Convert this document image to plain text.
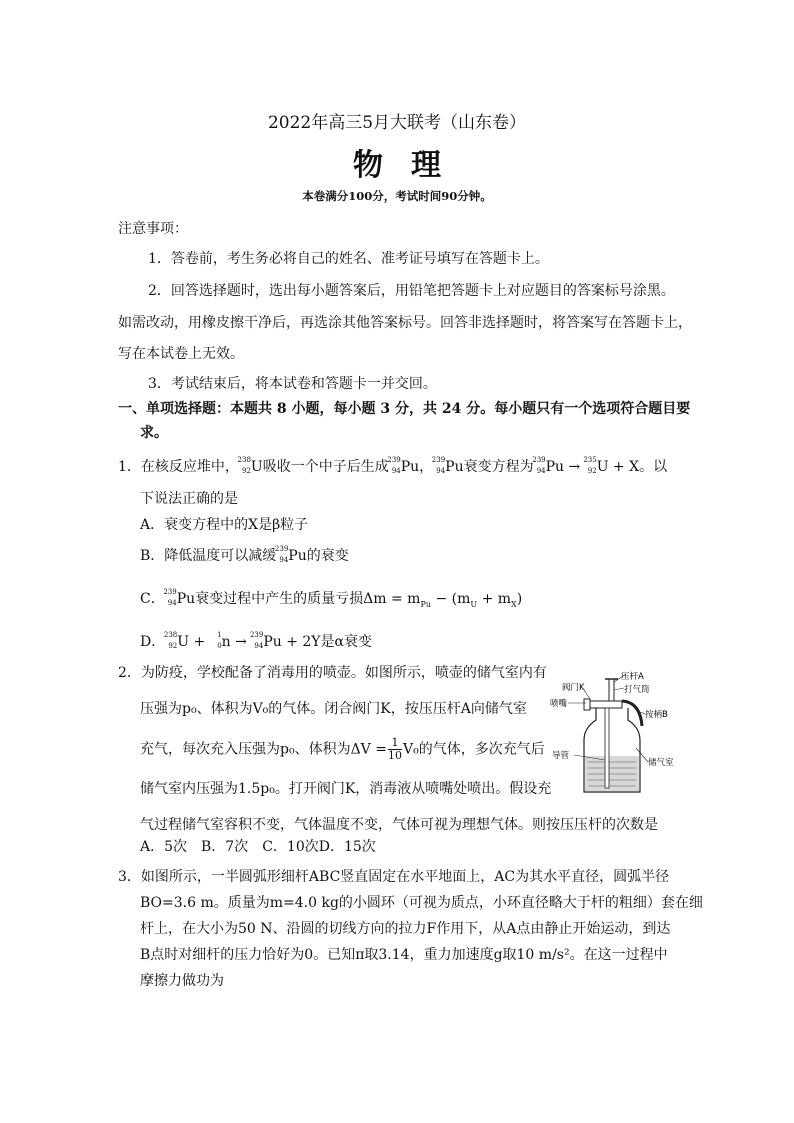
2022年高三5月大联考（山东卷）
物理
本卷满分100分，考试时间90分钟。
注意事项：
1．答卷前，考生务必将自己的姓名、准考证号填写在答题卡上。
2．回答选择题时，选出每小题答案后，用铅笔把答题卡上对应题目的答案标号涂黑。
如需改动，用橡皮擦干净后，再选涂其他答案标号。回答非选择题时，将答案写在答题卡上，
写在本试卷上无效。
3．考试结束后，将本试卷和答题卡一并交回。
一、单项选择题：本题共 8 小题，每小题 3 分，共 24 分。每小题只有一个选项符合题目要
求。
1．在核反应堆中，
238
92 U吸收一个中子后生成
239
94 Pu，
239
94 Pu衰变方程为
239
94 Pu →
235
92 U + X。以
下说法正确的是
A．衰变方程中的X是β粒子
B．降低温度可以减缓
239
94 Pu的衰变
C．
239
94 Pu衰变过程中产生的质量亏损$\Delta m = m_{Pu} - (m_U + m_X)$
D．
238
92 U + 1
0 n →
239
94 Pu + 2Y是α衰变
2．为防疫，学校配备了消毒用的喷壶。如图所示，喷壶的储气室内有
压强为p₀、体积为V₀的气体。闭合阀门K，按压压杆A向储气室
充气，每次充入压强为p₀、体积为$\Delta V = \frac{1}{10} V_0$的气体，多次充气后
储气室内压强为1.5p₀。打开阀门K，消毒液从喷嘴处喷出。假设充
气过程储气室容积不变，气体温度不变，气体可视为理想气体。则按压压杆的次数是
A．5次　B．7次　C．10次D．15次
压杆A
打气筒
阀门K
喷嘴
按柄B
导管
储气室
3．如图所示，一半圆弧形细杆ABC竖直固定在水平地面上，AC为其水平直径，圆弧半径
BO=3.6 m。质量为m=4.0 kg的小圆环（可视为质点，小环直径略大于杆的粗细）套在细
杆上，在大小为50 N、沿圆的切线方向的拉力F作用下，从A点由静止开始运动，到达
B点时对细杆的压力恰好为0。已知π取3.14，重力加速度g取10 m/s²。在这一过程中
摩擦力做功为
